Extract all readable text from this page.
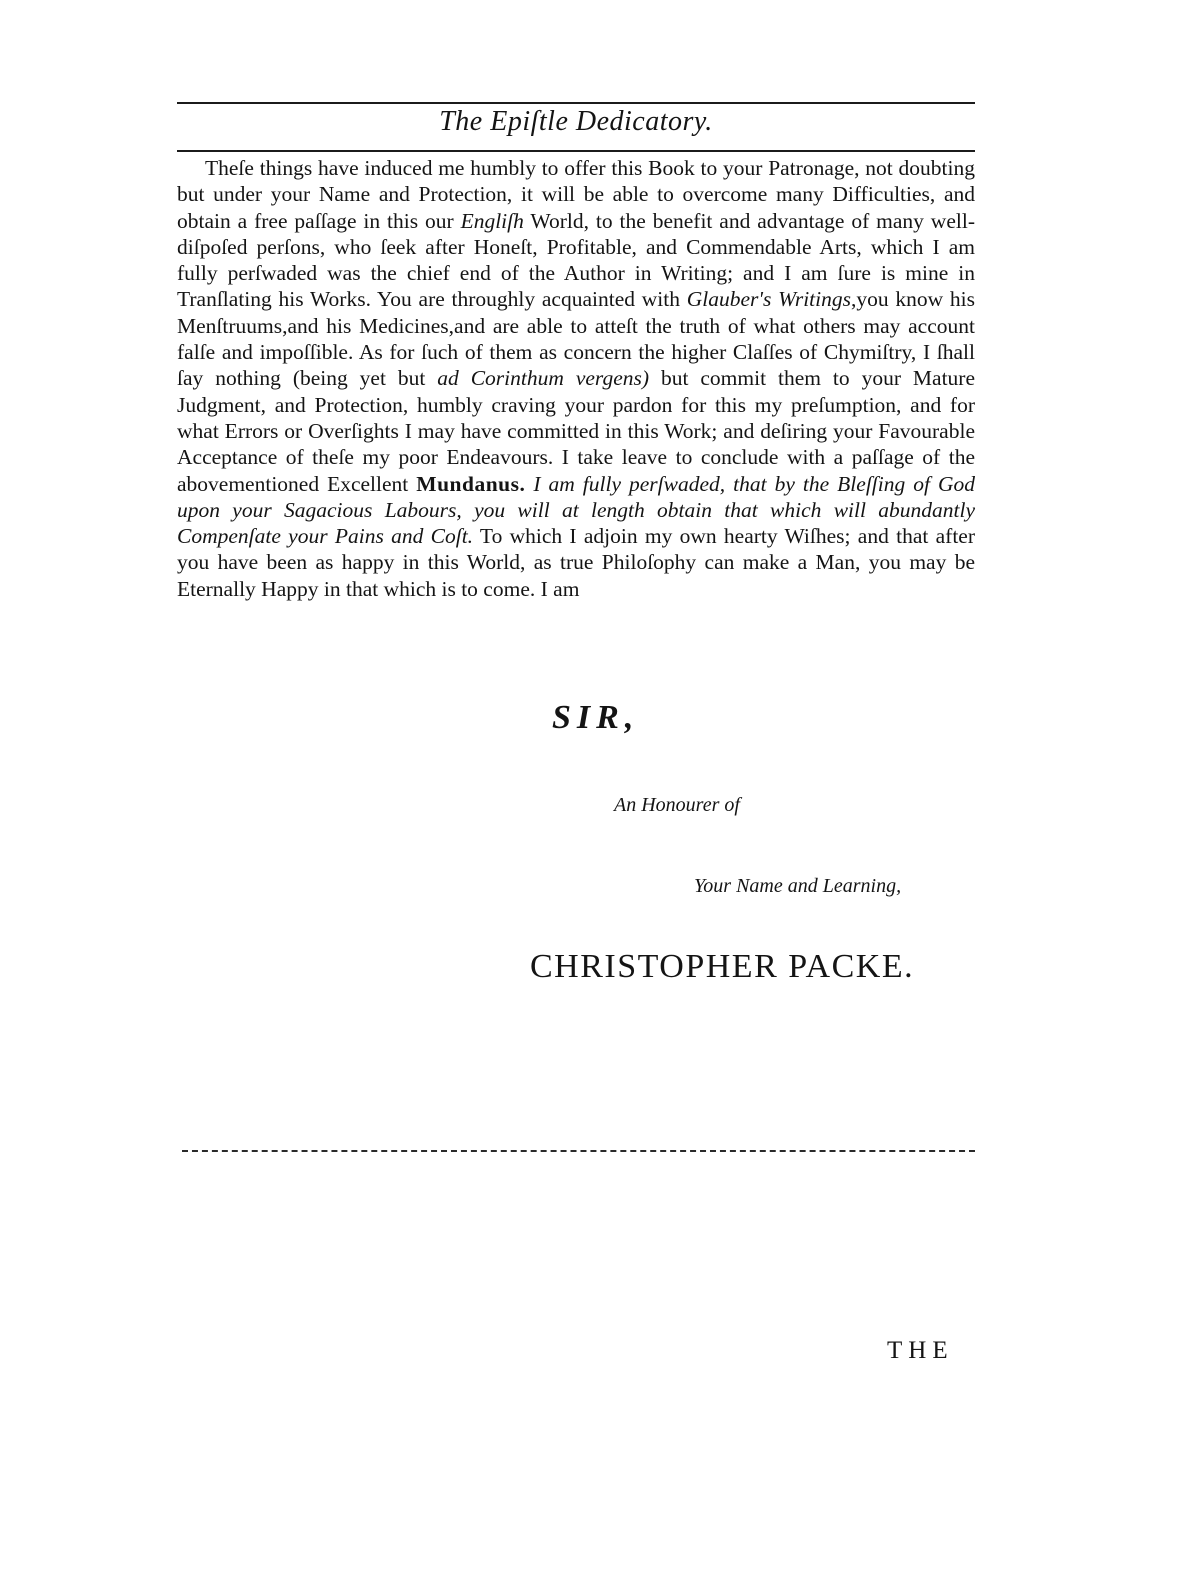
The Epiſtle Dedicatory.

Theſe things have induced me humbly to offer this Book to your Patronage, not doubting but under your Name and Protection, it will be able to overcome many Difficulties, and obtain a free paſſage in this our Engliſh World, to the benefit and advantage of many well-diſpoſed perſons, who ſeek after Honeſt, Profitable, and Commendable Arts, which I am fully perſwaded was the chief end of the Author in Writing; and I am ſure is mine in Tranſlating his Works. You are throughly acquainted with Glauber's Writings,you know his Menſtruums,and his Medicines,and are able to atteſt the truth of what others may account falſe and impoſſible. As for ſuch of them as concern the higher Claſſes of Chymiſtry, I ſhall ſay nothing (being yet but ad Corinthum vergens) but commit them to your Mature Judgment, and Protection, humbly craving your pardon for this my preſumption, and for what Errors or Overſights I may have committed in this Work; and deſiring your Favourable Acceptance of theſe my poor Endeavours. I take leave to conclude with a paſſage of the abovementioned Excellent Mundanus. I am fully perſwaded, that by the Bleſſing of God upon your Sagacious Labours, you will at length obtain that which will abundantly Compenſate your Pains and Coſt. To which I adjoin my own hearty Wiſhes; and that after you have been as happy in this World, as true Philoſophy can make a Man, you may be Eternally Happy in that which is to come. I am

SIR,
An Honourer of
Your Name and Learning,
CHRISTOPHER PACKE.
THE
